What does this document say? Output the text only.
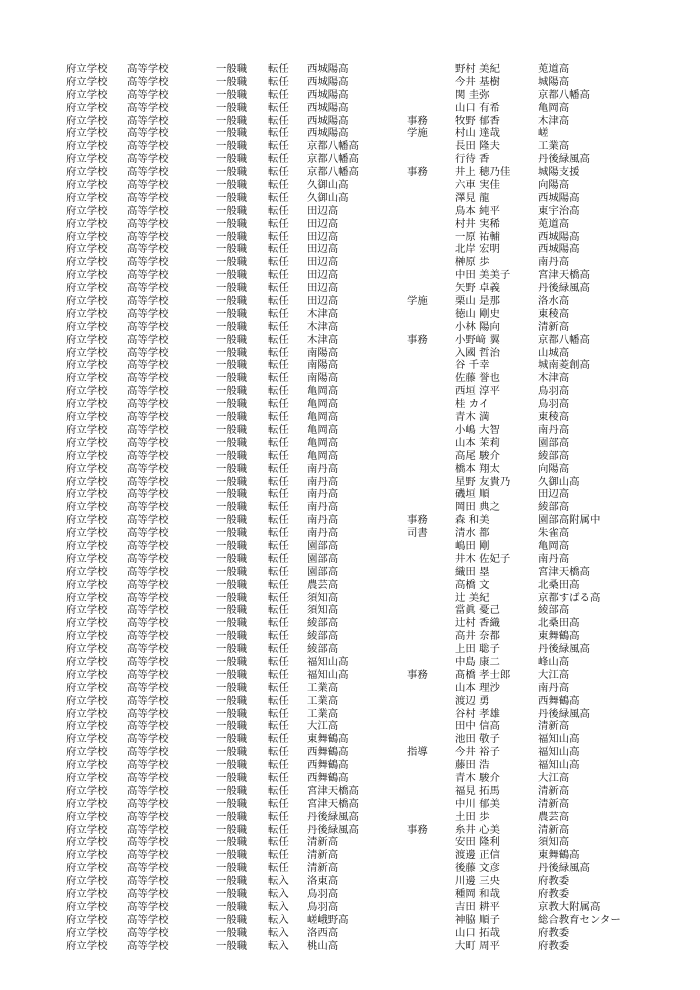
府立学校 高等学校	一般職 転任 西城陽高	野村 美紀	莵道高
府立学校 高等学校	一般職 転任 西城陽高	今井 基樹	城陽高
府立学校 高等学校	一般職 転任 西城陽高	関 圭弥	京都八幡高
府立学校 高等学校	一般職 転任 西城陽高	山口 有希	亀岡高
府立学校 高等学校	一般職 転任 西城陽高	事務	牧野 郁香	木津高
府立学校 高等学校	一般職 転任 西城陽高	学施	村山 達哉	嵯
府立学校 高等学校	一般職 転任 京都八幡高	長田 隆夫	工業高
府立学校 高等学校	一般職 転任 京都八幡高	行待 香	丹後緑風高
府立学校 高等学校	一般職 転任 京都八幡高	事務	井上 穂乃佳	城陽支援
府立学校 高等学校	一般職 転任 久御山高	六車 実佳	向陽高
府立学校 高等学校	一般職 転任 久御山高	澤見 龍	西城陽高
府立学校 高等学校	一般職 転任 田辺高	鳥本 純平	東宇治高
府立学校 高等学校	一般職 転任 田辺高	村井 実稀	莵道高
府立学校 高等学校	一般職 転任 田辺高	一原 祐輔	西城陽高
府立学校 高等学校	一般職 転任 田辺高	北岸 宏明	西城陽高
府立学校 高等学校	一般職 転任 田辺高	榊原 歩	南丹高
府立学校 高等学校	一般職 転任 田辺高	中田 美美子	宮津天橋高
府立学校 高等学校	一般職 転任 田辺高	矢野 卓義	丹後緑風高
府立学校 高等学校	一般職 転任 田辺高	学施	栗山 是那	洛水高
府立学校 高等学校	一般職 転任 木津高	徳山 剛史	東稜高
府立学校 高等学校	一般職 転任 木津高	小林 陽向	清新高
府立学校 高等学校	一般職 転任 木津高	事務	小野﨑 翼	京都八幡高
府立学校 高等学校	一般職 転任 南陽高	入國 哲治	山城高
府立学校 高等学校	一般職 転任 南陽高	谷 千幸	城南菱創高
府立学校 高等学校	一般職 転任 南陽高	佐藤 誉也	木津高
府立学校 高等学校	一般職 転任 亀岡高	西垣 淳平	鳥羽高
府立学校 高等学校	一般職 転任 亀岡高	桂 カイ	鳥羽高
府立学校 高等学校	一般職 転任 亀岡高	青木 満	東稜高
府立学校 高等学校	一般職 転任 亀岡高	小嶋 大智	南丹高
府立学校 高等学校	一般職 転任 亀岡高	山本 茉莉	園部高
府立学校 高等学校	一般職 転任 亀岡高	高尾 駿介	綾部高
府立学校 高等学校	一般職 転任 南丹高	橋本 翔太	向陽高
府立学校 高等学校	一般職 転任 南丹高	星野 友貴乃	久御山高
府立学校 高等学校	一般職 転任 南丹高	磯垣 順	田辺高
府立学校 高等学校	一般職 転任 南丹高	岡田 典之	綾部高
府立学校 高等学校	一般職 転任 南丹高	事務	森 和美	園部高附属中
府立学校 高等学校	一般職 転任 南丹高	司書	清水 都	朱雀高
府立学校 高等学校	一般職 転任 園部高	嶋田 剛	亀岡高
府立学校 高等学校	一般職 転任 園部高	井木 佐妃子	南丹高
府立学校 高等学校	一般職 転任 園部高	織田 塁	宮津天橋高
府立学校 高等学校	一般職 転任 農芸高	高橋 文	北桑田高
府立学校 高等学校	一般職 転任 須知高	辻 美紀	京都すばる高
府立学校 高等学校	一般職 転任 須知高	當眞 憂己	綾部高
府立学校 高等学校	一般職 転任 綾部高	辻村 香織	北桑田高
府立学校 高等学校	一般職 転任 綾部高	高井 奈都	東舞鶴高
府立学校 高等学校	一般職 転任 綾部高	上田 聡子	丹後緑風高
府立学校 高等学校	一般職 転任 福知山高	中島 康二	峰山高
府立学校 高等学校	一般職 転任 福知山高	事務	髙橋 孝士郎	大江高
府立学校 高等学校	一般職 転任 工業高	山本 理沙	南丹高
府立学校 高等学校	一般職 転任 工業高	渡辺 勇	西舞鶴高
府立学校 高等学校	一般職 転任 工業高	谷村 孝雄	丹後緑風高
府立学校 高等学校	一般職 転任 大江高	田中 信高	清新高
府立学校 高等学校	一般職 転任 東舞鶴高	池田 敬子	福知山高
府立学校 高等学校	一般職 転任 西舞鶴高	指導	今井 裕子	福知山高
府立学校 高等学校	一般職 転任 西舞鶴高	藤田 浩	福知山高
府立学校 高等学校	一般職 転任 西舞鶴高	青木 駿介	大江高
府立学校 高等学校	一般職 転任 宮津天橋高	福見 拓馬	清新高
府立学校 高等学校	一般職 転任 宮津天橋高	中川 郁美	清新高
府立学校 高等学校	一般職 転任 丹後緑風高	土田 歩	農芸高
府立学校 高等学校	一般職 転任 丹後緑風高	事務	糸井 心美	清新高
府立学校 高等学校	一般職 転任 清新高	安田 隆利	須知高
府立学校 高等学校	一般職 転任 清新高	渡邊 正信	東舞鶴高
府立学校 高等学校	一般職 転任 清新高	後藤 文彦	丹後緑風高
府立学校 高等学校	一般職 転入 洛東高	川邊 三央	府教委
府立学校 高等学校	一般職 転入 鳥羽高	種岡 和哉	府教委
府立学校 高等学校	一般職 転入 鳥羽高	吉田 耕平	京教大附属高
府立学校 高等学校	一般職 転入 嵯峨野高	神脇 順子	総合教育センター
府立学校 高等学校	一般職 転入 洛西高	山口 拓哉	府教委
府立学校 高等学校	一般職 転入 桃山高	大町 周平	府教委
